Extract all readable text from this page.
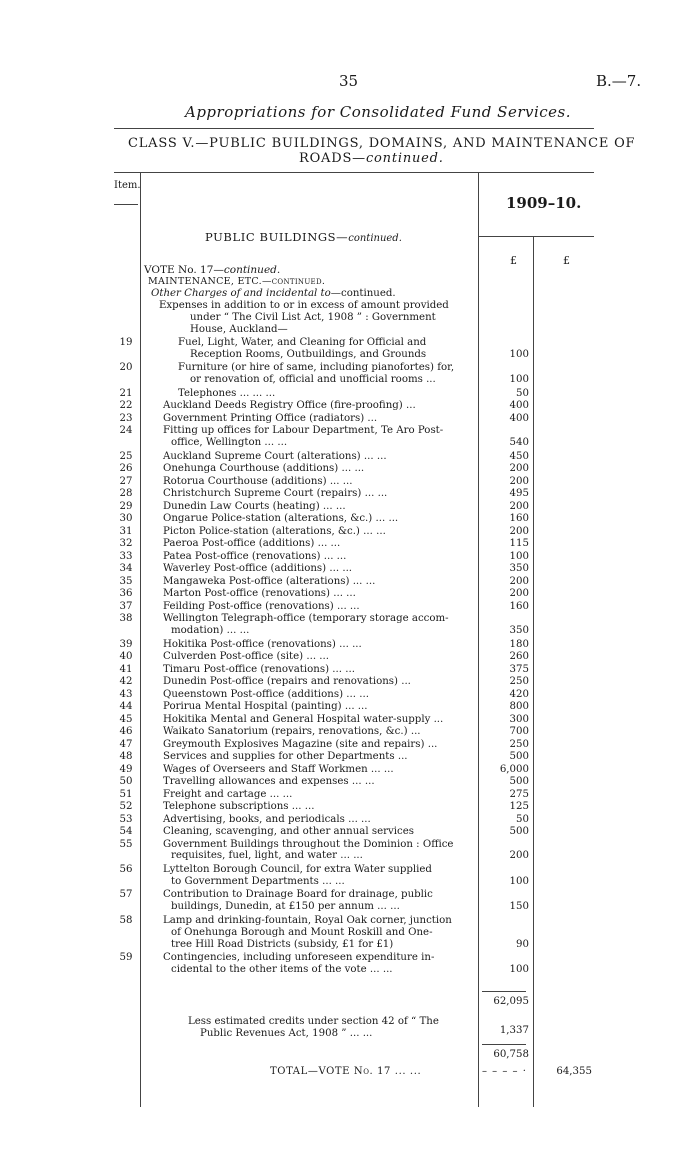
35	B.—7.
Appropriations for Consolidated Fund Services.
CLASS V.—PUBLIC BUILDINGS, DOMAINS, AND MAINTENANCE OF
ROADS—continued.
Item.
1909–10.
PUBLIC BUILDINGS—continued.
£	£
VOTE No. 17—continued.
MAINTENANCE, ETC.—continued.
Other Charges of and incidental to—continued.
Expenses in addition to or in excess of amount provided
under “ The Civil List Act, 1908 ” : Government
House, Auckland—
19	Fuel, Light, Water, and Cleaning for Official and
Reception Rooms, Outbuildings, and Grounds	100
20	Furniture (or hire of same, including pianofortes) for,
or renovation of, official and unofficial rooms ...	100
21	Telephones ... ... ...	50
22	Auckland Deeds Registry Office (fire-proofing) ...	400
23	Government Printing Office (radiators) ...	400
24	Fitting up offices for Labour Department, Te Aro Post-
office, Wellington ... ...	540
25	Auckland Supreme Court (alterations) ... ...	450
26	Onehunga Courthouse (additions) ... ...	200
27	Rotorua Courthouse (additions) ... ...	200
28	Christchurch Supreme Court (repairs) ... ...	495
29	Dunedin Law Courts (heating) ... ...	200
30	Ongarue Police-station (alterations, &c.) ... ...	160
31	Picton Police-station (alterations, &c.) ... ...	200
32	Paeroa Post-office (additions) ... ...	115
33	Patea Post-office (renovations) ... ...	100
34	Waverley Post-office (additions) ... ...	350
35	Mangaweka Post-office (alterations) ... ...	200
36	Marton Post-office (renovations) ... ...	200
37	Feilding Post-office (renovations) ... ...	160
38	Wellington Telegraph-office (temporary storage accom-
modation) ... ...	350
39	Hokitika Post-office (renovations) ... ...	180
40	Culverden Post-office (site) ... ...	260
41	Timaru Post-office (renovations) ... ...	375
42	Dunedin Post-office (repairs and renovations) ...	250
43	Queenstown Post-office (additions) ... ...	420
44	Porirua Mental Hospital (painting) ... ...	800
45	Hokitika Mental and General Hospital water-supply ...	300
46	Waikato Sanatorium (repairs, renovations, &c.) ...	700
47	Greymouth Explosives Magazine (site and repairs) ...	250
48	Services and supplies for other Departments ...	500
49	Wages of Overseers and Staff Workmen ... ...	6,000
50	Travelling allowances and expenses ... ...	500
51	Freight and cartage ... ...	275
52	Telephone subscriptions ... ...	125
53	Advertising, books, and periodicals ... ...	50
54	Cleaning, scavenging, and other annual services	500
55	Government Buildings throughout the Dominion : Office
requisites, fuel, light, and water ... ...	200
56	Lyttelton Borough Council, for extra Water supplied
to Government Departments ... ...	100
57	Contribution to Drainage Board for drainage, public
buildings, Dunedin, at £150 per annum ... ...	150
58	Lamp and drinking-fountain, Royal Oak corner, junction
of Onehunga Borough and Mount Roskill and One-
tree Hill Road Districts (subsidy, £1 for £1)	90
59	Contingencies, including unforeseen expenditure in-
cidental to the other items of the vote ... ...	100
62,095
Less estimated credits under section 42 of “ The
Public Revenues Act, 1908 ” ... ...	1,337
60,758
TOTAL—VOTE No. 17 ... ...	– – – – ·	64,355
